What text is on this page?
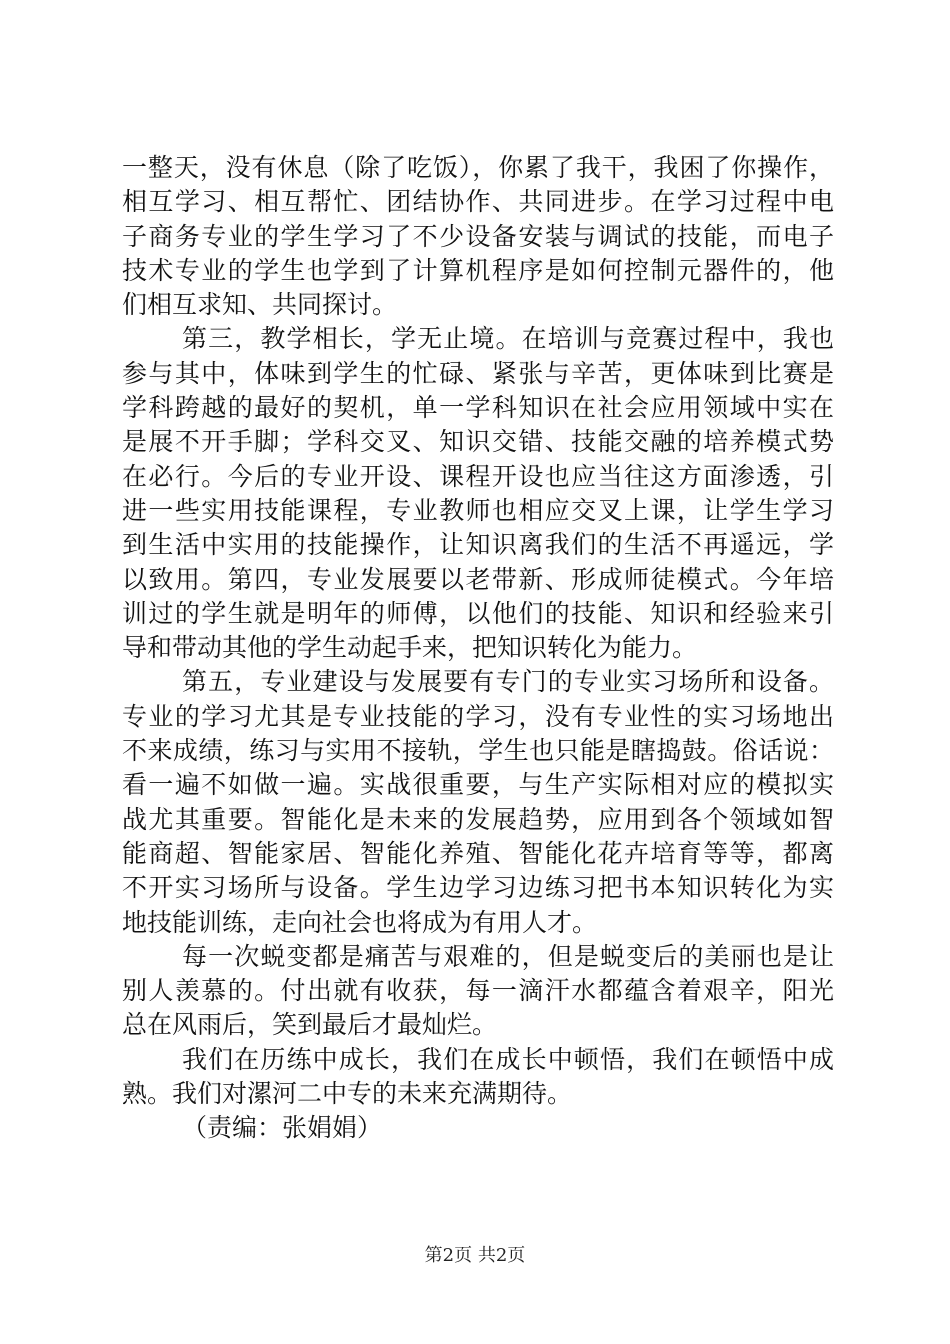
一整天，没有休息（除了吃饭），你累了我干，我困了你操作，
相互学习、相互帮忙、团结协作、共同进步。在学习过程中电
子商务专业的学生学习了不少设备安装与调试的技能，而电子
技术专业的学生也学到了计算机程序是如何控制元器件的，他
们相互求知、共同探讨。
第三，教学相长，学无止境。在培训与竞赛过程中，我也
参与其中，体味到学生的忙碌、紧张与辛苦，更体味到比赛是
学科跨越的最好的契机，单一学科知识在社会应用领域中实在
是展不开手脚；学科交叉、知识交错、技能交融的培养模式势
在必行。今后的专业开设、课程开设也应当往这方面渗透，引
进一些实用技能课程，专业教师也相应交叉上课，让学生学习
到生活中实用的技能操作，让知识离我们的生活不再遥远，学
以致用。第四，专业发展要以老带新、形成师徒模式。今年培
训过的学生就是明年的师傅，以他们的技能、知识和经验来引
导和带动其他的学生动起手来，把知识转化为能力。
第五，专业建设与发展要有专门的专业实习场所和设备。
专业的学习尤其是专业技能的学习，没有专业性的实习场地出
不来成绩，练习与实用不接轨，学生也只能是瞎捣鼓。俗话说：
看一遍不如做一遍。实战很重要，与生产实际相对应的模拟实
战尤其重要。智能化是未来的发展趋势，应用到各个领域如智
能商超、智能家居、智能化养殖、智能化花卉培育等等，都离
不开实习场所与设备。学生边学习边练习把书本知识转化为实
地技能训练，走向社会也将成为有用人才。
每一次蜕变都是痛苦与艰难的，但是蜕变后的美丽也是让
别人羡慕的。付出就有收获，每一滴汗水都蕴含着艰辛，阳光
总在风雨后，笑到最后才最灿烂。
我们在历练中成长，我们在成长中顿悟，我们在顿悟中成
熟。我们对漯河二中专的未来充满期待。
（责编：张娟娟）
第2页 共2页
